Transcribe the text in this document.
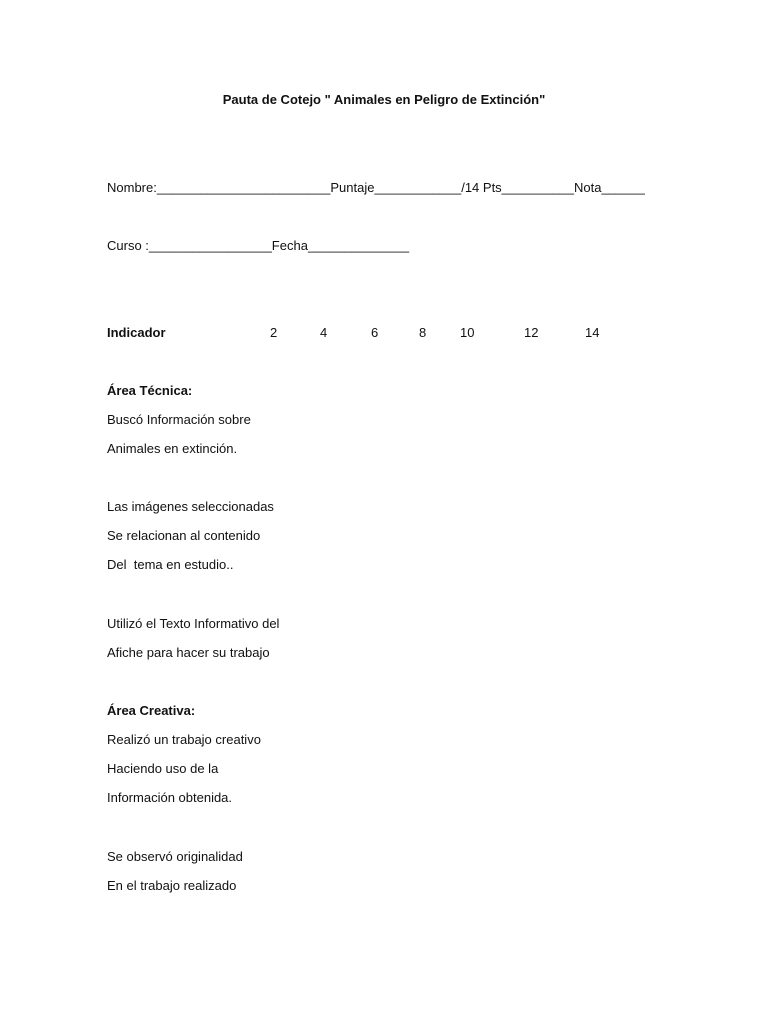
Pauta de Cotejo " Animales en Peligro de Extinción"
Nombre:________________________Puntaje____________/14 Pts__________Nota______
Curso :_________________Fecha______________
Indicador	2	4	6	8	10	12	14
Área Técnica:
Buscó Información sobre
Animales en extinción.
Las imágenes seleccionadas
Se relacionan al contenido
Del  tema en estudio..
Utilizó el Texto Informativo del
Afiche para hacer su trabajo
Área Creativa:
Realizó un trabajo creativo
Haciendo uso de la
Información obtenida.
Se observó originalidad
En el trabajo realizado
